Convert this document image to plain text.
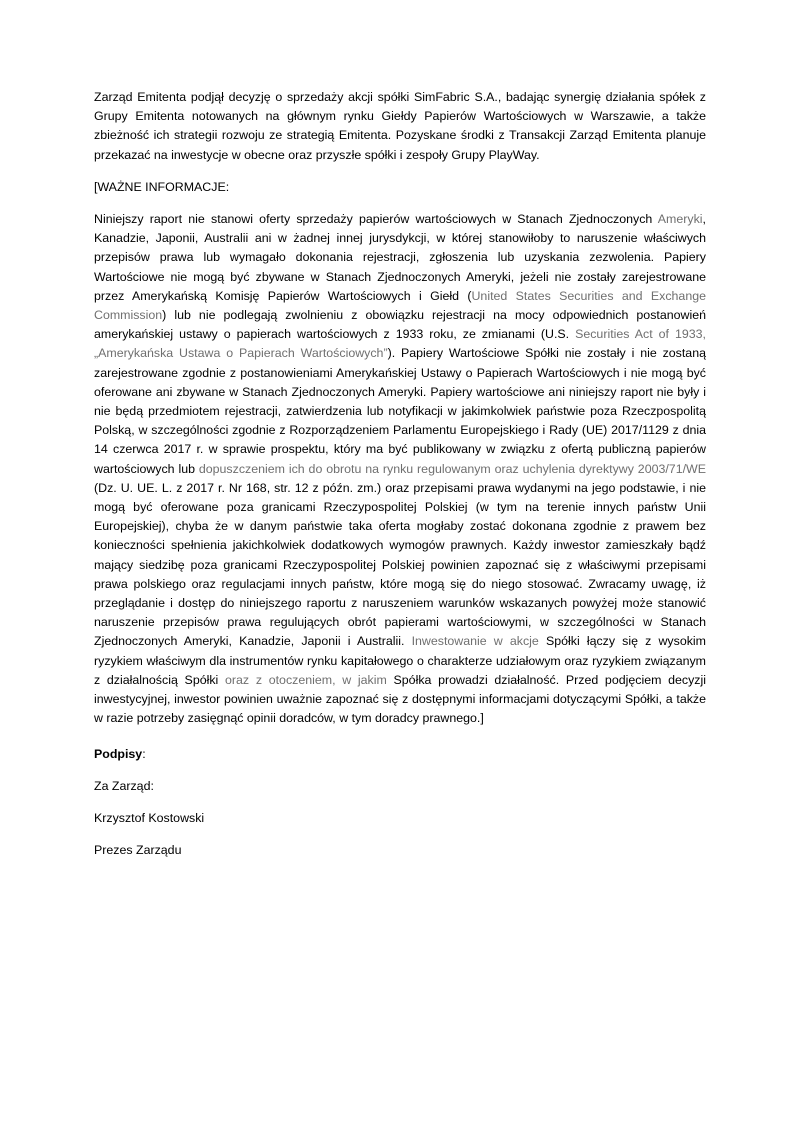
Zarząd Emitenta podjął decyzję o sprzedaży akcji spółki SimFabric S.A., badając synergię działania spółek z Grupy Emitenta notowanych na głównym rynku Giełdy Papierów Wartościowych w Warszawie, a także zbieżność ich strategii rozwoju ze strategią Emitenta. Pozyskane środki z Transakcji Zarząd Emitenta planuje przekazać na inwestycje w obecne oraz przyszłe spółki i zespoły Grupy PlayWay.

[WAŻNE INFORMACJE:

Niniejszy raport nie stanowi oferty sprzedaży papierów wartościowych w Stanach Zjednoczonych Ameryki, Kanadzie, Japonii, Australii ani w żadnej innej jurysdykcji, w której stanowiłoby to naruszenie właściwych przepisów prawa lub wymagało dokonania rejestracji, zgłoszenia lub uzyskania zezwolenia. Papiery Wartościowe nie mogą być zbywane w Stanach Zjednoczonych Ameryki, jeżeli nie zostały zarejestrowane przez Amerykańską Komisję Papierów Wartościowych i Giełd (United States Securities and Exchange Commission) lub nie podlegają zwolnieniu z obowiązku rejestracji na mocy odpowiednich postanowień amerykańskiej ustawy o papierach wartościowych z 1933 roku, ze zmianami (U.S. Securities Act of 1933, „Amerykańska Ustawa o Papierach Wartościowych”). Papiery Wartościowe Spółki nie zostały i nie zostaną zarejestrowane zgodnie z postanowieniami Amerykańskiej Ustawy o Papierach Wartościowych i nie mogą być oferowane ani zbywane w Stanach Zjednoczonych Ameryki. Papiery wartościowe ani niniejszy raport nie były i nie będą przedmiotem rejestracji, zatwierdzenia lub notyfikacji w jakimkolwiek państwie poza Rzeczpospolitą Polską, w szczególności zgodnie z Rozporządzeniem Parlamentu Europejskiego i Rady (UE) 2017/1129 z dnia 14 czerwca 2017 r. w sprawie prospektu, który ma być publikowany w związku z ofertą publiczną papierów wartościowych lub dopuszczeniem ich do obrotu na rynku regulowanym oraz uchylenia dyrektywy 2003/71/WE (Dz. U. UE. L. z 2017 r. Nr 168, str. 12 z późn. zm.) oraz przepisami prawa wydanymi na jego podstawie, i nie mogą być oferowane poza granicami Rzeczypospolitej Polskiej (w tym na terenie innych państw Unii Europejskiej), chyba że w danym państwie taka oferta mogłaby zostać dokonana zgodnie z prawem bez konieczności spełnienia jakichkolwiek dodatkowych wymogów prawnych. Każdy inwestor zamieszkały bądź mający siedzibę poza granicami Rzeczypospolitej Polskiej powinien zapoznać się z właściwymi przepisami prawa polskiego oraz regulacjami innych państw, które mogą się do niego stosować. Zwracamy uwagę, iż przeglądanie i dostęp do niniejszego raportu z naruszeniem warunków wskazanych powyżej może stanowić naruszenie przepisów prawa regulujących obrót papierami wartościowymi, w szczególności w Stanach Zjednoczonych Ameryki, Kanadzie, Japonii i Australii. Inwestowanie w akcje Spółki łączy się z wysokim ryzykiem właściwym dla instrumentów rynku kapitałowego o charakterze udziałowym oraz ryzykiem związanym z działalnością Spółki oraz z otoczeniem, w jakim Spółka prowadzi działalność. Przed podjęciem decyzji inwestycyjnej, inwestor powinien uważnie zapoznać się z dostępnymi informacjami dotyczącymi Spółki, a także w razie potrzeby zasięgnąć opinii doradców, w tym doradcy prawnego.]

Podpisy:

Za Zarząd:

Krzysztof Kostowski

Prezes Zarządu
